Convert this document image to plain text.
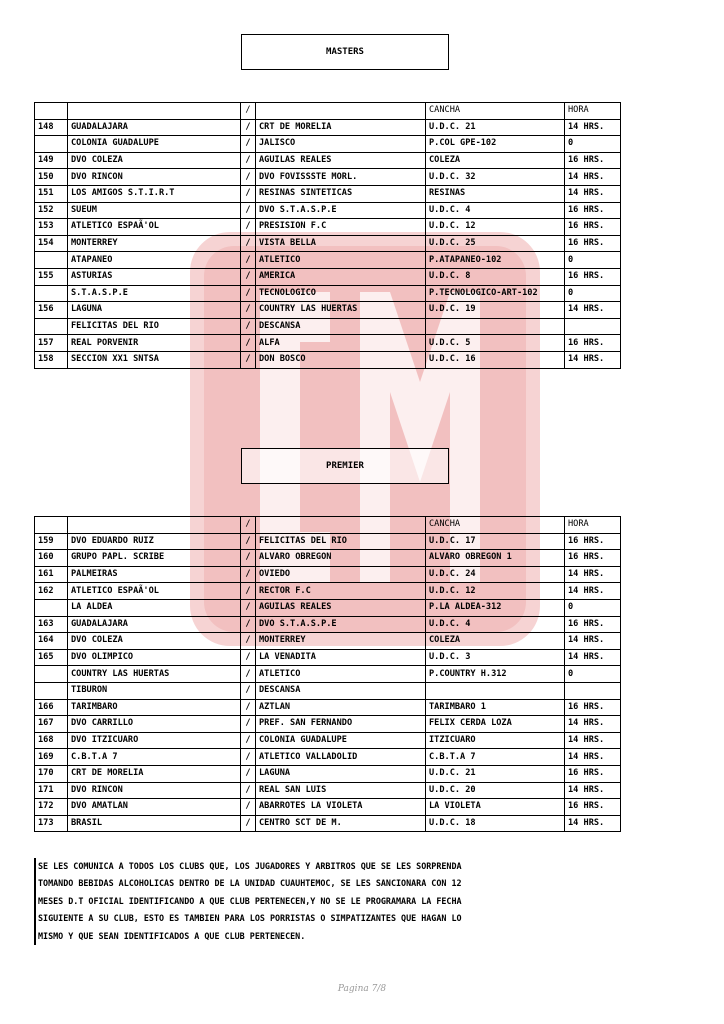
MASTERS
		/		CANCHA	HORA
148	GUADALAJARA	/	CRT DE MORELIA	U.D.C. 21	14 HRS.
	COLONIA GUADALUPE	/	JALISCO	P.COL GPE-102	0
149	DVO COLEZA	/	AGUILAS REALES	COLEZA	16 HRS.
150	DVO RINCON	/	DVO FOVISSSTE MORL.	U.D.C. 32	14 HRS.
151	LOS AMIGOS S.T.I.R.T	/	RESINAS SINTETICAS	RESINAS	14 HRS.
152	SUEUM	/	DVO S.T.A.S.P.E	U.D.C. 4	16 HRS.
153	ATLETICO ESPAÃ'OL	/	PRESISION F.C	U.D.C. 12	16 HRS.
154	MONTERREY	/	VISTA BELLA	U.D.C. 25	16 HRS.
	ATAPANEO	/	ATLETICO	P.ATAPANEO-102	0
155	ASTURIAS	/	AMERICA	U.D.C. 8	16 HRS.
	S.T.A.S.P.E	/	TECNOLOGICO	P.TECNOLOGICO-ART-102	0
156	LAGUNA	/	COUNTRY LAS HUERTAS	U.D.C. 19	14 HRS.
	FELICITAS DEL RIO	/	DESCANSA		
157	REAL PORVENIR	/	ALFA	U.D.C. 5	16 HRS.
158	SECCION XX1 SNTSA	/	DON BOSCO	U.D.C. 16	14 HRS.
PREMIER
		/		CANCHA	HORA
159	DVO EDUARDO RUIZ	/	FELICITAS DEL RIO	U.D.C. 17	16 HRS.
160	GRUPO PAPL. SCRIBE	/	ALVARO OBREGON	ALVARO OBREGON 1	16 HRS.
161	PALMEIRAS	/	OVIEDO	U.D.C. 24	14 HRS.
162	ATLETICO ESPAÃ'OL	/	RECTOR F.C	U.D.C. 12	14 HRS.
	LA ALDEA	/	AGUILAS REALES	P.LA ALDEA-312	0
163	GUADALAJARA	/	DVO S.T.A.S.P.E	U.D.C. 4	16 HRS.
164	DVO COLEZA	/	MONTERREY	COLEZA	14 HRS.
165	DVO OLIMPICO	/	LA VENADITA	U.D.C. 3	14 HRS.
	COUNTRY LAS HUERTAS	/	ATLETICO	P.COUNTRY H.312	0
	TIBURON	/	DESCANSA		
166	TARIMBARO	/	AZTLAN	TARIMBARO 1	16 HRS.
167	DVO CARRILLO	/	PREF. SAN FERNANDO	FELIX CERDA LOZA	14 HRS.
168	DVO ITZICUARO	/	COLONIA GUADALUPE	ITZICUARO	14 HRS.
169	C.B.T.A 7	/	ATLETICO VALLADOLID	C.B.T.A 7	14 HRS.
170	CRT DE MORELIA	/	LAGUNA	U.D.C. 21	16 HRS.
171	DVO RINCON	/	REAL SAN LUIS	U.D.C. 20	14 HRS.
172	DVO AMATLAN	/	ABARROTES LA VIOLETA	LA VIOLETA	16 HRS.
173	BRASIL	/	CENTRO SCT DE M.	U.D.C. 18	14 HRS.
SE LES COMUNICA A TODOS LOS CLUBS QUE, LOS JUGADORES Y ARBITROS QUE SE LES SORPRENDA
TOMANDO BEBIDAS ALCOHOLICAS DENTRO DE LA UNIDAD CUAUHTEMOC, SE LES SANCIONARA CON 12
MESES D.T OFICIAL IDENTIFICANDO A QUE CLUB PERTENECEN,Y NO SE LE PROGRAMARA LA FECHA
SIGUIENTE A SU CLUB, ESTO ES TAMBIEN PARA LOS PORRISTAS O SIMPATIZANTES QUE HAGAN LO
MISMO Y QUE SEAN IDENTIFICADOS A QUE CLUB PERTENECEN.
Pagina 7/8
